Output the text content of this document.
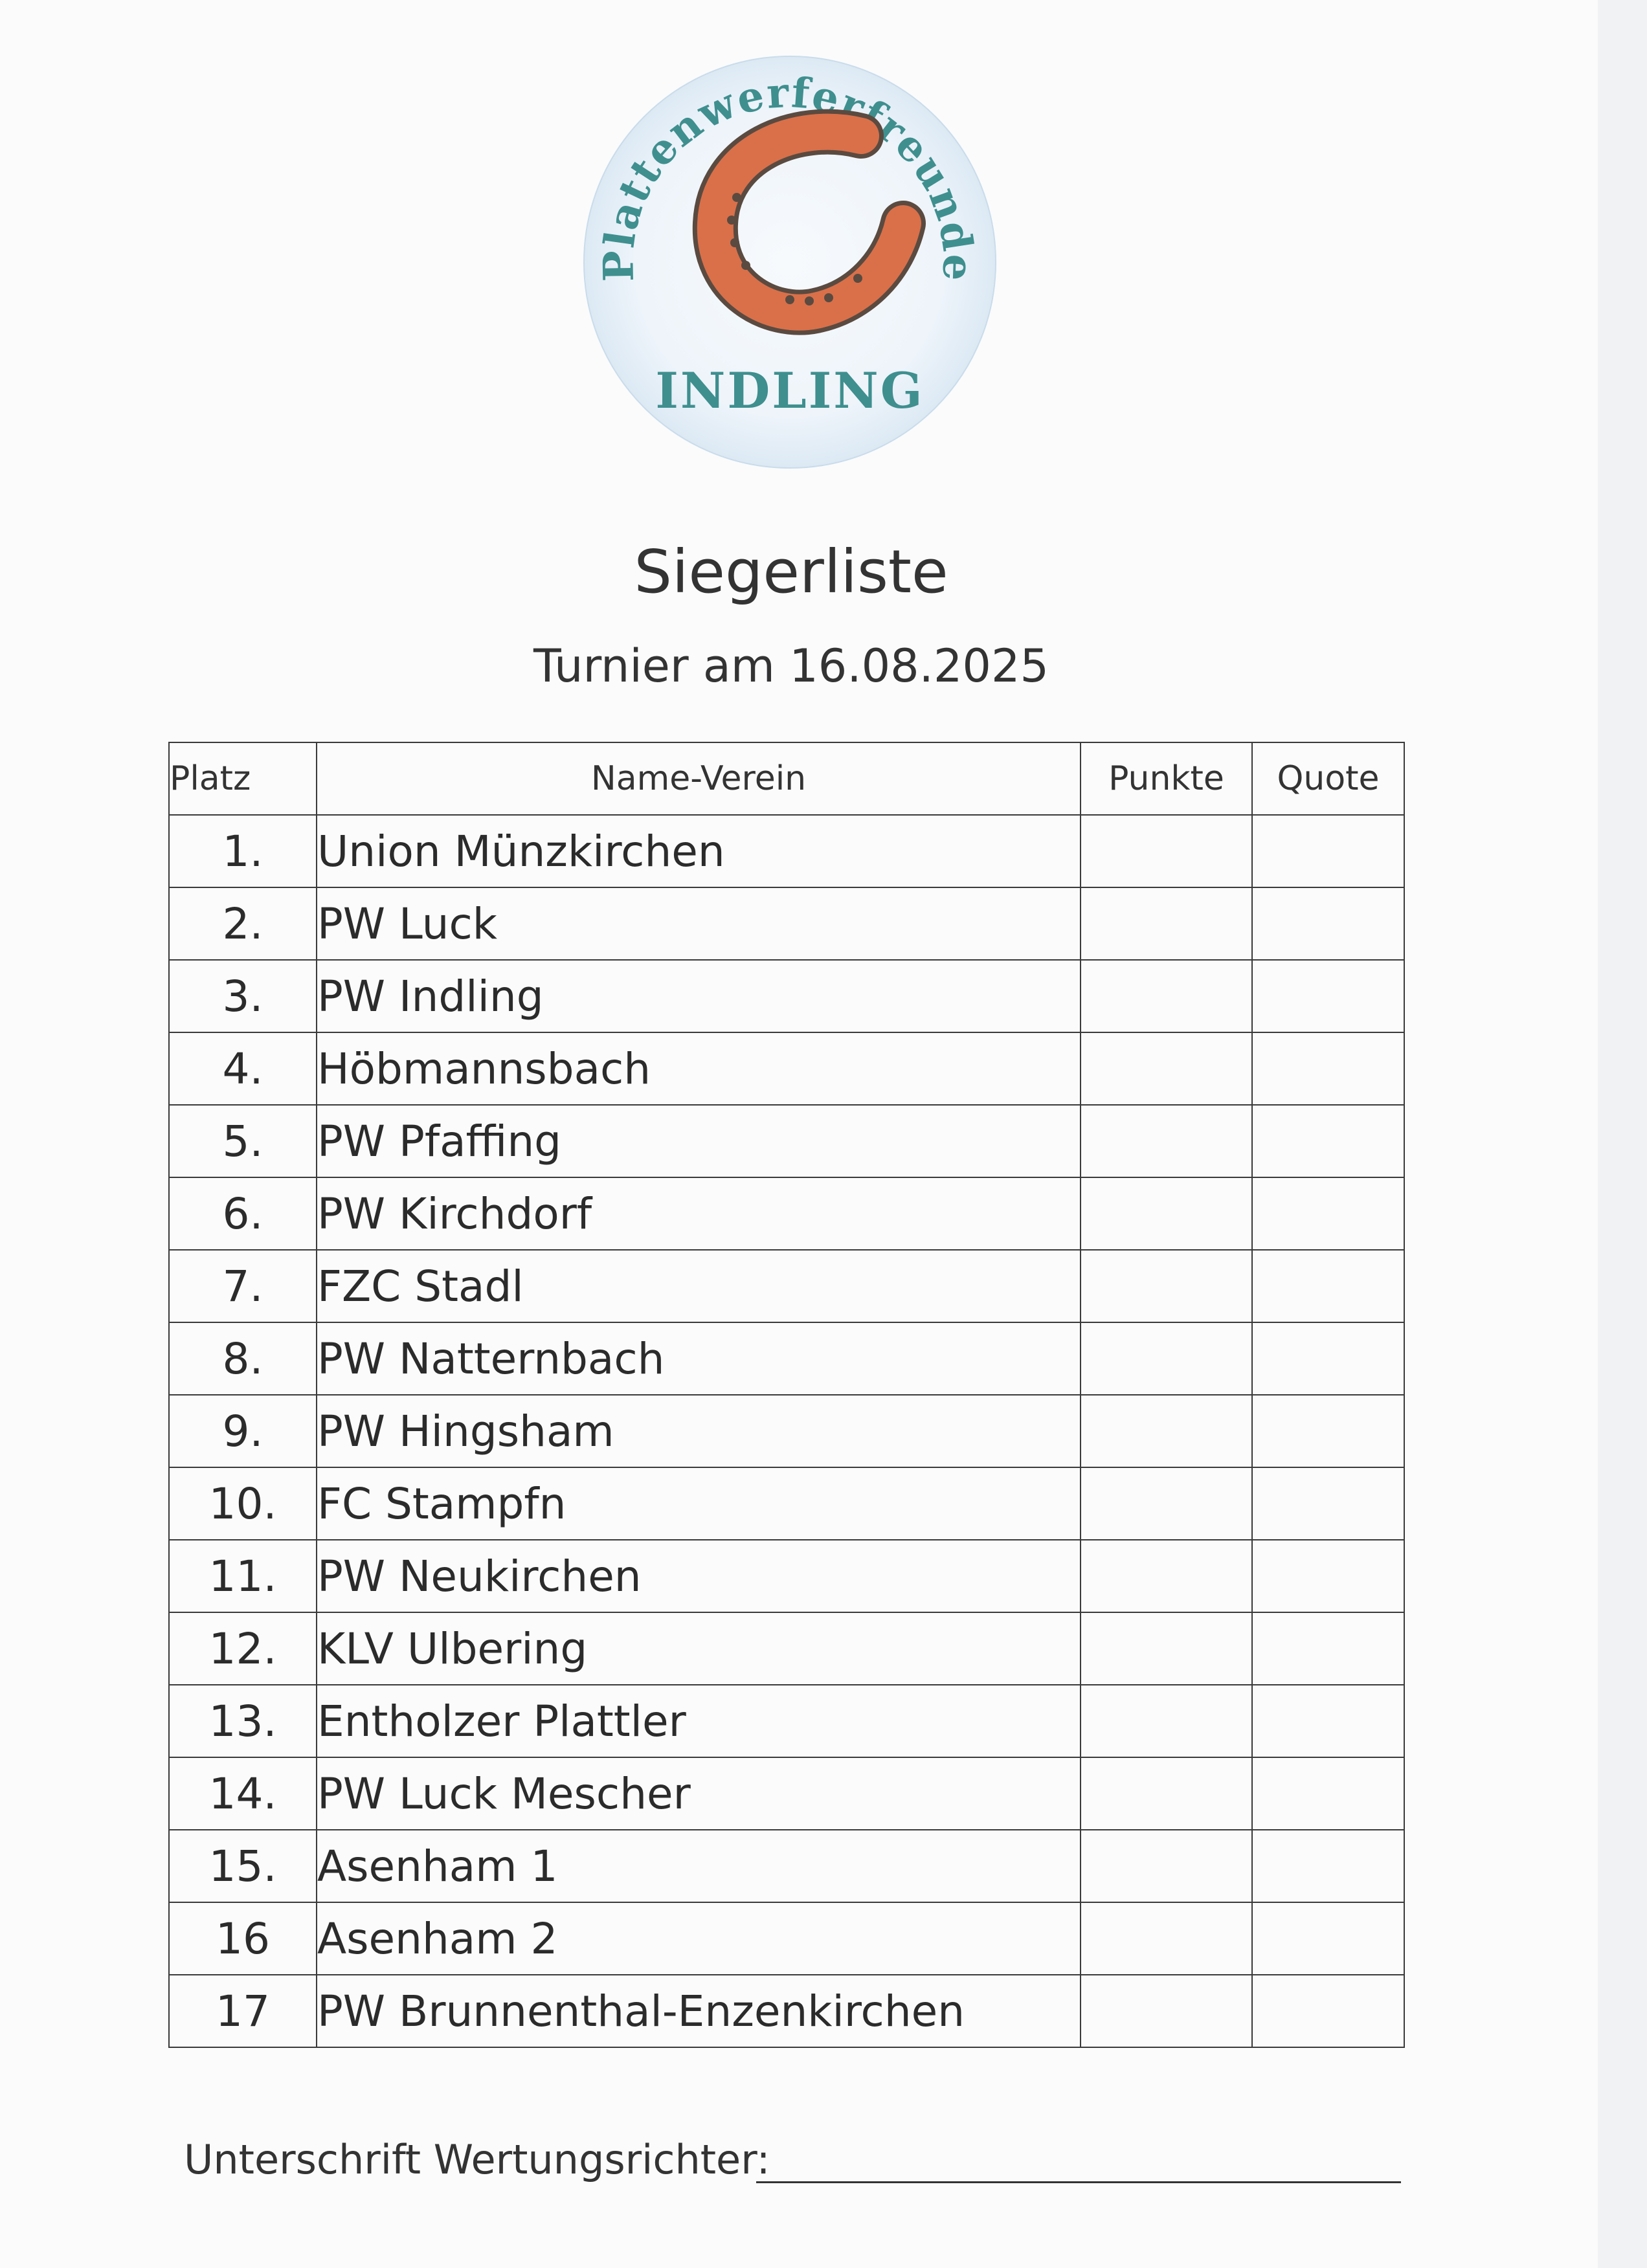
Plattenwerferfreunde
INDLING
Siegerliste
Turnier am 16.08.2025
Platz	Name-Verein	Punkte	Quote
1.	Union Münzkirchen		
2.	PW Luck		
3.	PW Indling		
4.	Höbmannsbach		
5.	PW Pfaffing		
6.	PW Kirchdorf		
7.	FZC Stadl		
8.	PW Natternbach		
9.	PW Hingsham		
10.	FC Stampfn		
11.	PW Neukirchen		
12.	KLV Ulbering		
13.	Entholzer Plattler		
14.	PW Luck Mescher		
15.	Asenham 1		
16	Asenham 2		
17	PW Brunnenthal-Enzenkirchen		
Unterschrift Wertungsrichter:
